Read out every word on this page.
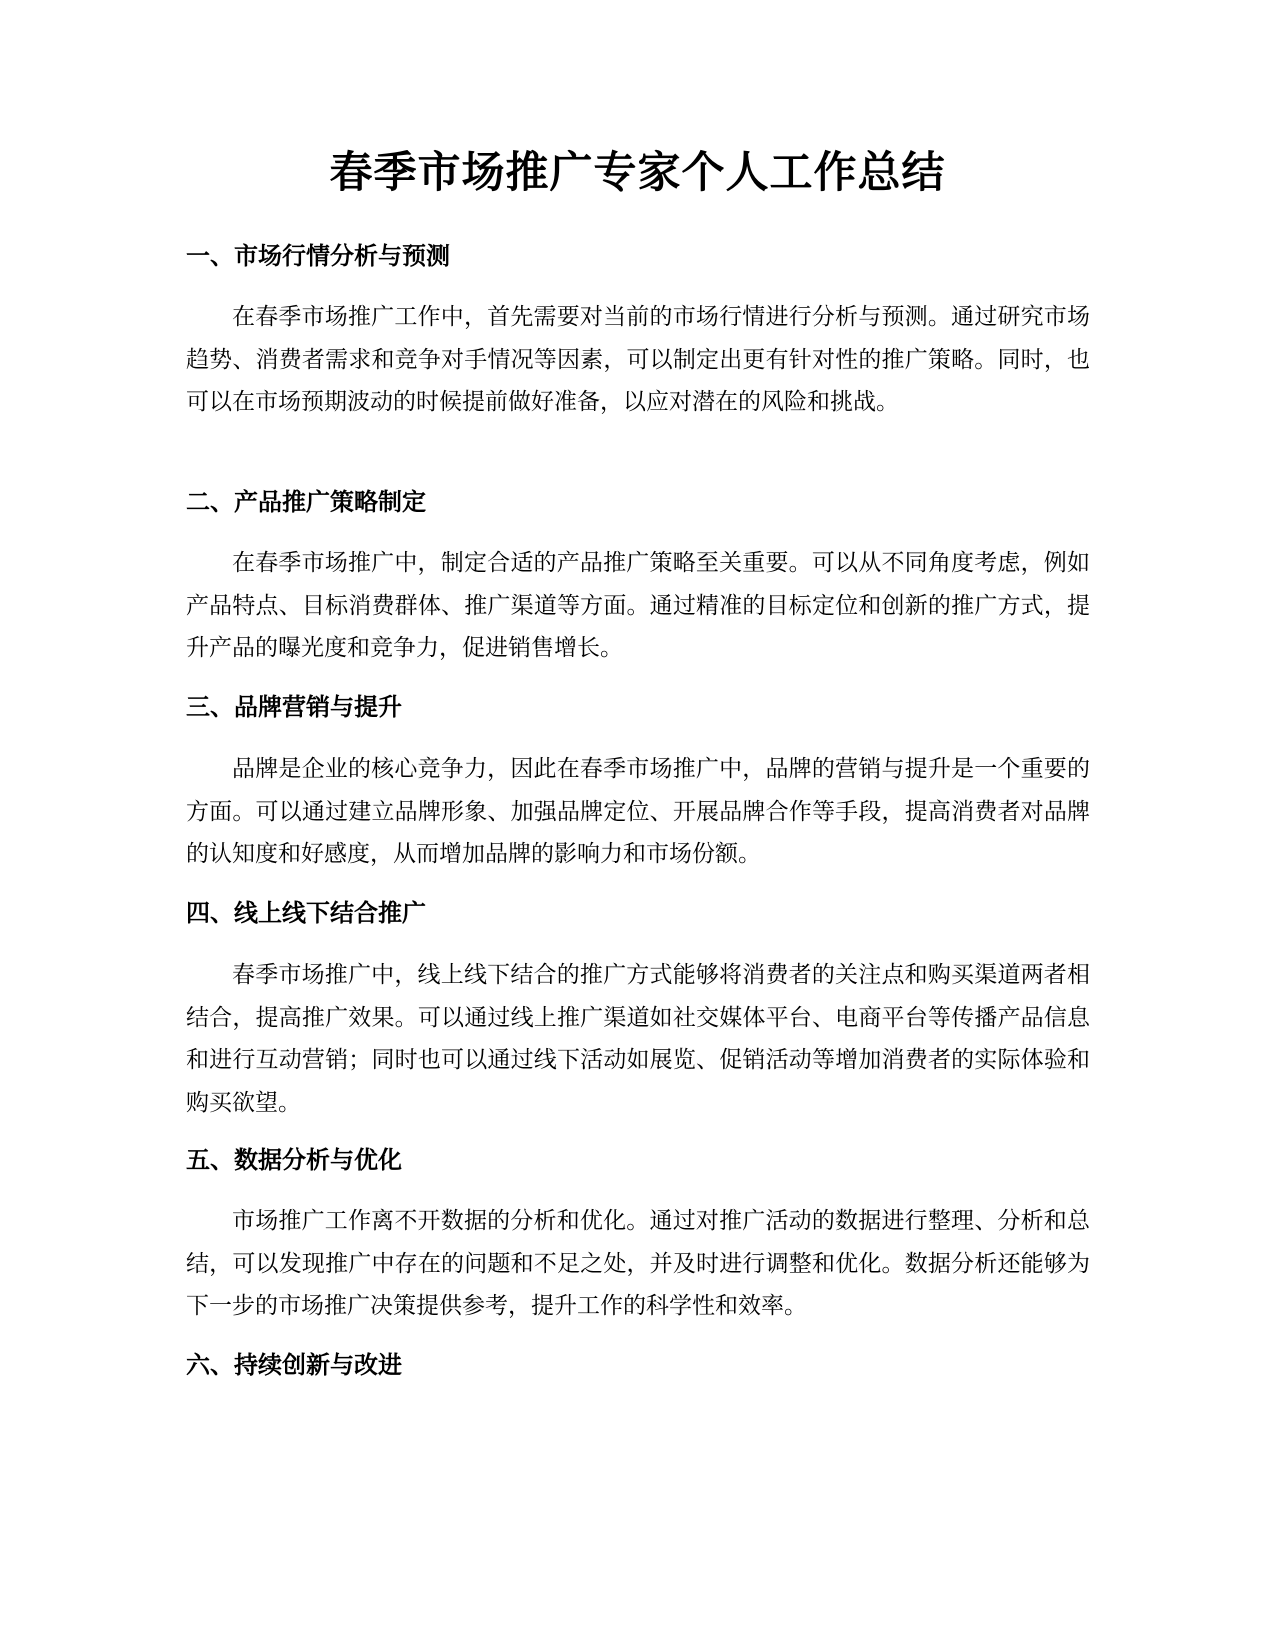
春季市场推广专家个人工作总结
一、市场行情分析与预测

在春季市场推广工作中，首先需要对当前的市场行情进行分析与预测。通过研究市场趋势、消费者需求和竞争对手情况等因素，可以制定出更有针对性的推广策略。同时，也可以在市场预期波动的时候提前做好准备，以应对潜在的风险和挑战。

二、产品推广策略制定

在春季市场推广中，制定合适的产品推广策略至关重要。可以从不同角度考虑，例如产品特点、目标消费群体、推广渠道等方面。通过精准的目标定位和创新的推广方式，提升产品的曝光度和竞争力，促进销售增长。

三、品牌营销与提升

品牌是企业的核心竞争力，因此在春季市场推广中，品牌的营销与提升是一个重要的方面。可以通过建立品牌形象、加强品牌定位、开展品牌合作等手段，提高消费者对品牌的认知度和好感度，从而增加品牌的影响力和市场份额。

四、线上线下结合推广

春季市场推广中，线上线下结合的推广方式能够将消费者的关注点和购买渠道两者相结合，提高推广效果。可以通过线上推广渠道如社交媒体平台、电商平台等传播产品信息和进行互动营销；同时也可以通过线下活动如展览、促销活动等增加消费者的实际体验和购买欲望。

五、数据分析与优化

市场推广工作离不开数据的分析和优化。通过对推广活动的数据进行整理、分析和总结，可以发现推广中存在的问题和不足之处，并及时进行调整和优化。数据分析还能够为下一步的市场推广决策提供参考，提升工作的科学性和效率。

六、持续创新与改进
